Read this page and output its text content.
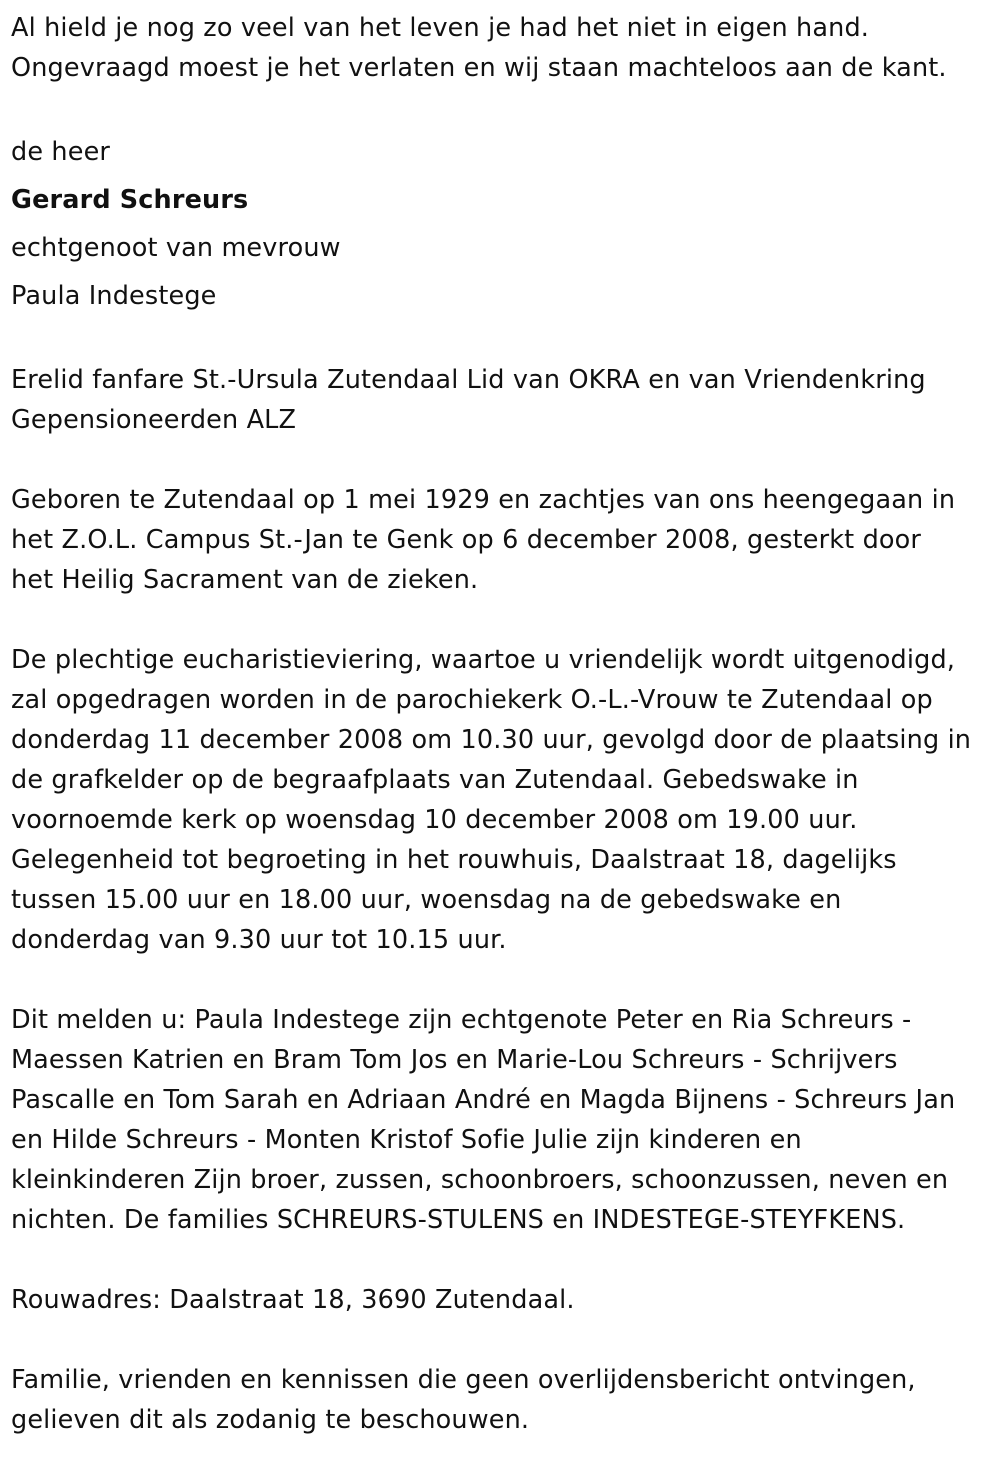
Al hield je nog zo veel van het leven je had het niet in eigen hand.
Ongevraagd moest je het verlaten en wij staan machteloos aan de kant.

de heer
Gerard Schreurs
echtgenoot van mevrouw
Paula Indestege

Erelid fanfare St.-Ursula Zutendaal Lid van OKRA en van Vriendenkring
Gepensioneerden ALZ

Geboren te Zutendaal op 1 mei 1929 en zachtjes van ons heengegaan in
het Z.O.L. Campus St.-Jan te Genk op 6 december 2008, gesterkt door
het Heilig Sacrament van de zieken.

De plechtige eucharistieviering, waartoe u vriendelijk wordt uitgenodigd,
zal opgedragen worden in de parochiekerk O.-L.-Vrouw te Zutendaal op
donderdag 11 december 2008 om 10.30 uur, gevolgd door de plaatsing in
de grafkelder op de begraafplaats van Zutendaal. Gebedswake in
voornoemde kerk op woensdag 10 december 2008 om 19.00 uur.
Gelegenheid tot begroeting in het rouwhuis, Daalstraat 18, dagelijks
tussen 15.00 uur en 18.00 uur, woensdag na de gebedswake en
donderdag van 9.30 uur tot 10.15 uur.

Dit melden u: Paula Indestege zijn echtgenote Peter en Ria Schreurs -
Maessen Katrien en Bram Tom Jos en Marie-Lou Schreurs - Schrijvers
Pascalle en Tom Sarah en Adriaan André en Magda Bijnens - Schreurs Jan
en Hilde Schreurs - Monten Kristof Sofie Julie zijn kinderen en
kleinkinderen Zijn broer, zussen, schoonbroers, schoonzussen, neven en
nichten. De families SCHREURS-STULENS en INDESTEGE-STEYFKENS.

Rouwadres: Daalstraat 18, 3690 Zutendaal.

Familie, vrienden en kennissen die geen overlijdensbericht ontvingen,
gelieven dit als zodanig te beschouwen.
